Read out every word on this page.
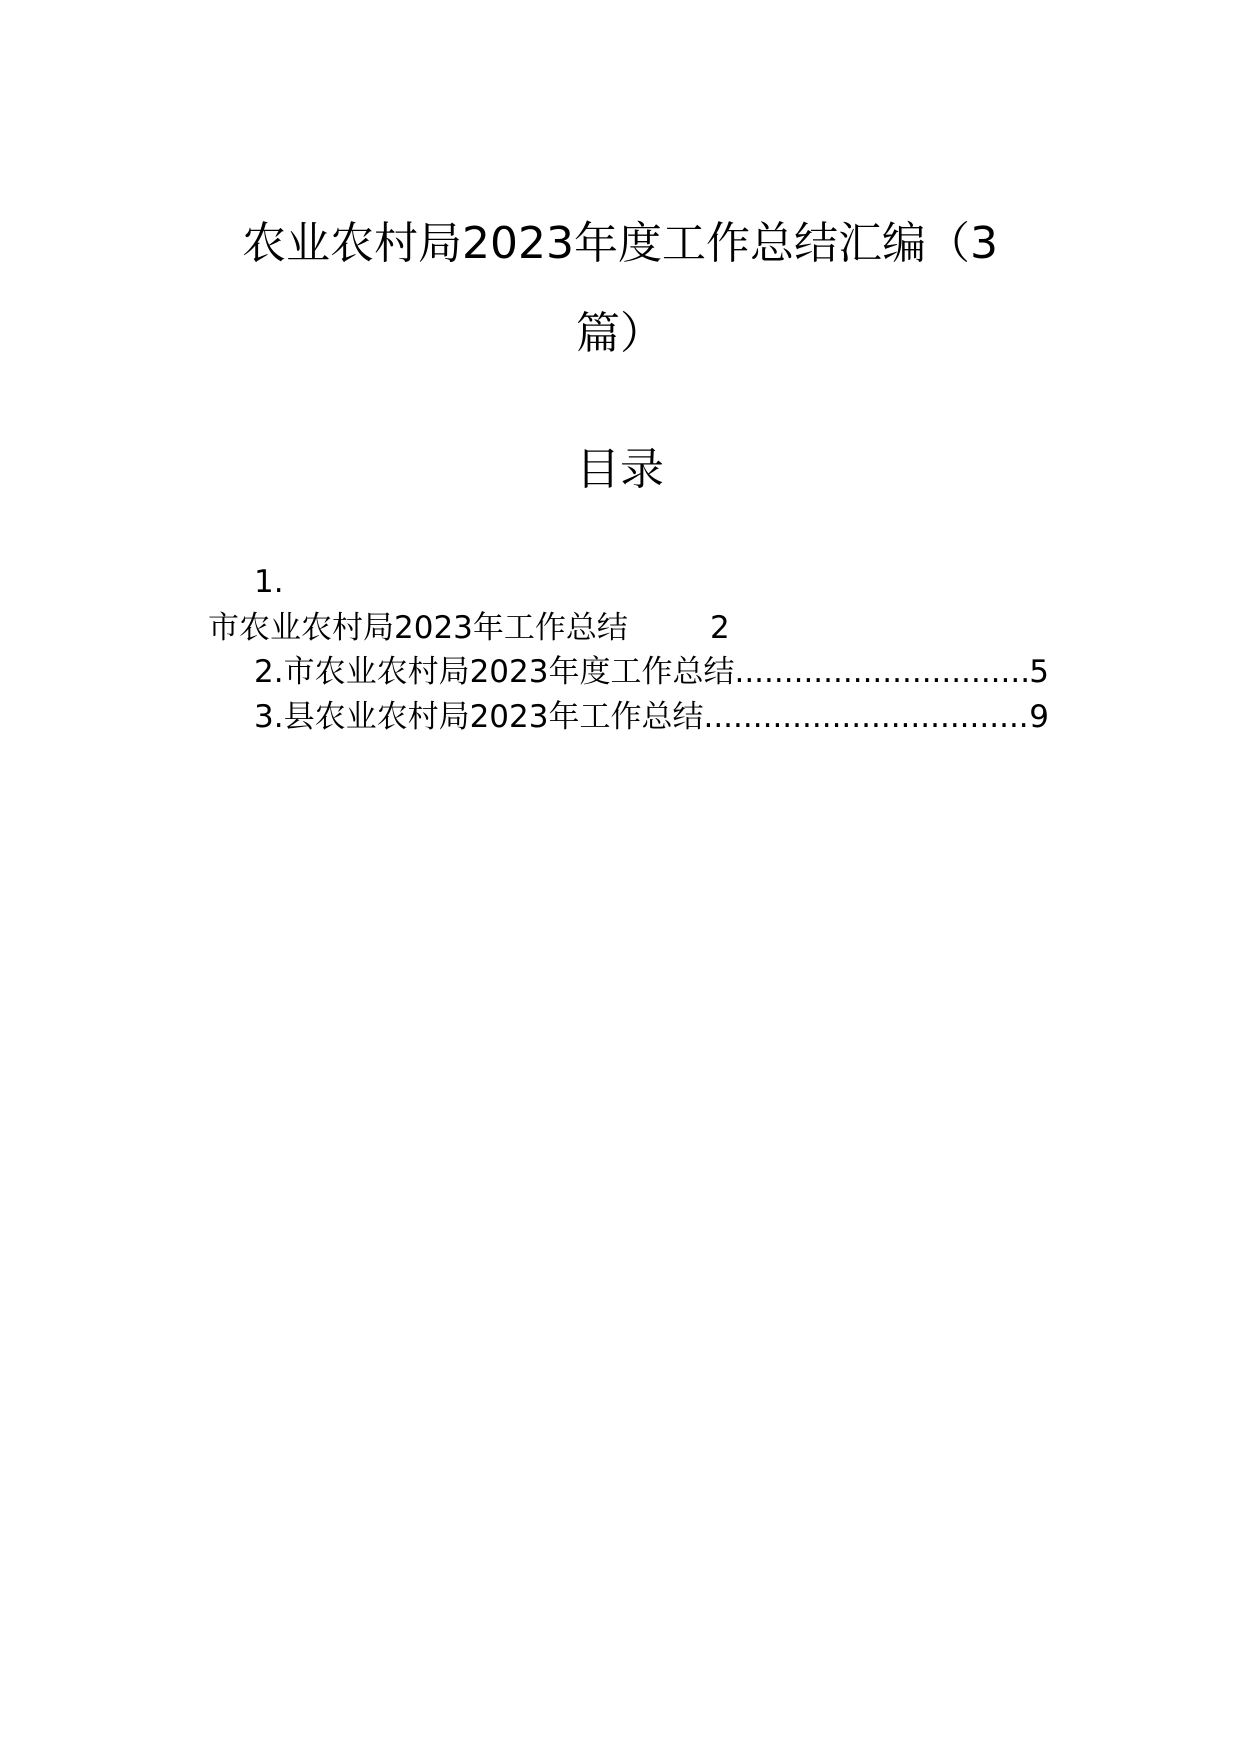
农业农村局2023年度工作总结汇编（3
篇）
目录
1.
市农业农村局2023年工作总结	2
2.市农业农村局2023年度工作总结 .....	5
3.县农业农村局2023年工作总结 .....	9
